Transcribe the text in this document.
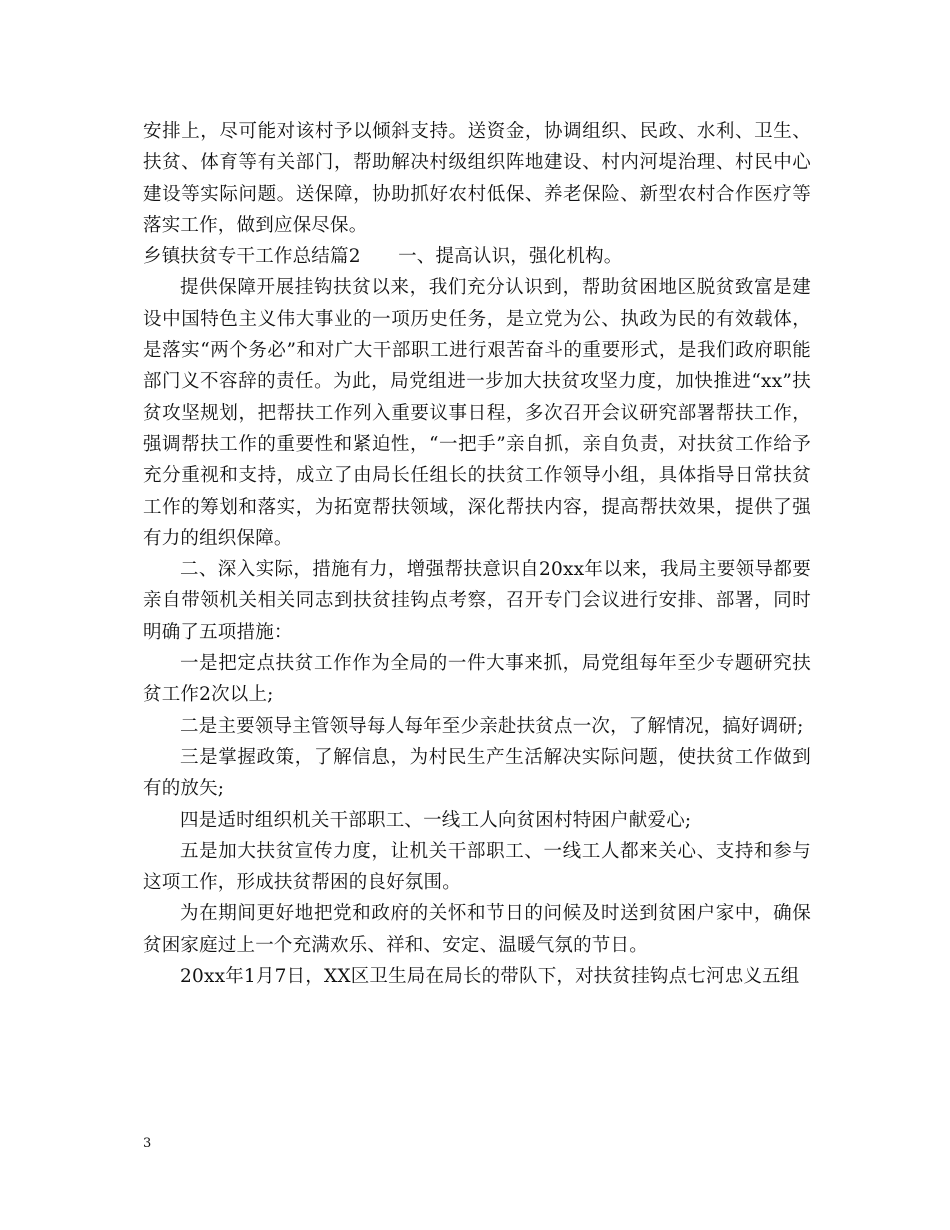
安排上，尽可能对该村予以倾斜支持。送资金，协调组织、民政、水利、卫生、扶贫、体育等有关部门，帮助解决村级组织阵地建设、村内河堤治理、村民中心建设等实际问题。送保障，协助抓好农村低保、养老保险、新型农村合作医疗等落实工作，做到应保尽保。

乡镇扶贫专干工作总结篇2　　一、提高认识，强化机构。

提供保障开展挂钩扶贫以来，我们充分认识到，帮助贫困地区脱贫致富是建设中国特色主义伟大事业的一项历史任务，是立党为公、执政为民的有效载体，是落实“两个务必”和对广大干部职工进行艰苦奋斗的重要形式，是我们政府职能部门义不容辞的责任。为此，局党组进一步加大扶贫攻坚力度，加快推进“xx”扶贫攻坚规划，把帮扶工作列入重要议事日程，多次召开会议研究部署帮扶工作，强调帮扶工作的重要性和紧迫性，“一把手”亲自抓，亲自负责，对扶贫工作给予充分重视和支持，成立了由局长任组长的扶贫工作领导小组，具体指导日常扶贫工作的筹划和落实，为拓宽帮扶领域，深化帮扶内容，提高帮扶效果，提供了强有力的组织保障。

二、深入实际，措施有力，增强帮扶意识自20xx年以来，我局主要领导都要亲自带领机关相关同志到扶贫挂钩点考察，召开专门会议进行安排、部署，同时明确了五项措施：

一是把定点扶贫工作作为全局的一件大事来抓，局党组每年至少专题研究扶贫工作2次以上;

二是主要领导主管领导每人每年至少亲赴扶贫点一次，了解情况，搞好调研;

三是掌握政策，了解信息，为村民生产生活解决实际问题，使扶贫工作做到有的放矢;

四是适时组织机关干部职工、一线工人向贫困村特困户献爱心;

五是加大扶贫宣传力度，让机关干部职工、一线工人都来关心、支持和参与这项工作，形成扶贫帮困的良好氛围。

为在期间更好地把党和政府的关怀和节日的问候及时送到贫困户家中，确保贫困家庭过上一个充满欢乐、祥和、安定、温暖气氛的节日。

20xx年1月7日，XX区卫生局在局长的带队下，对扶贫挂钩点七河忠义五组

3
